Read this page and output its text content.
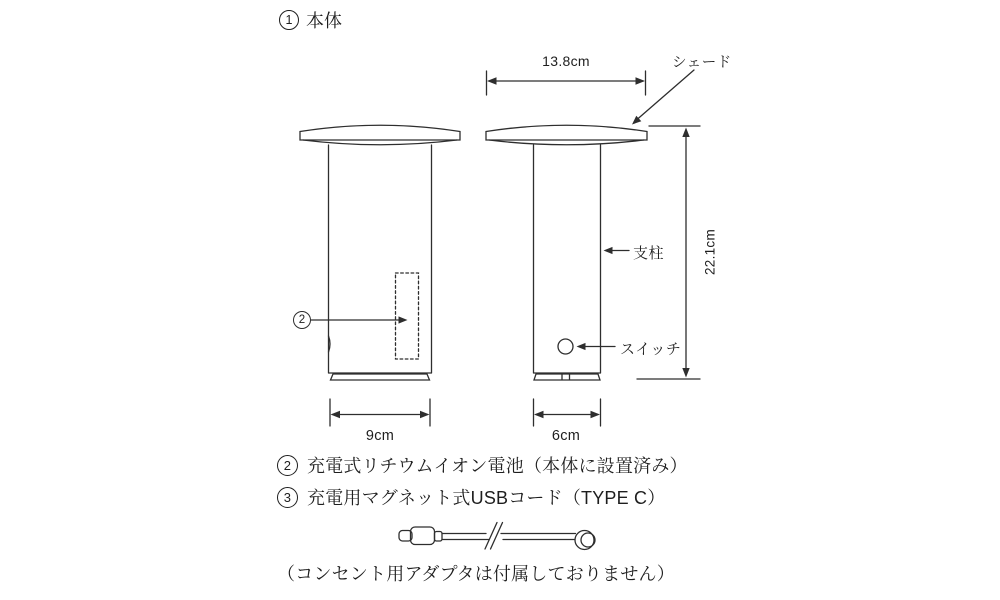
1 本体
13.8cm
22.1cm
9cm	6cm
シェード
支柱
スイッチ
2
2 充電式リチウムイオン電池（本体に設置済み）
3 充電用マグネット式USBコード（TYPE C）
（コンセント用アダプタは付属しておりません）
